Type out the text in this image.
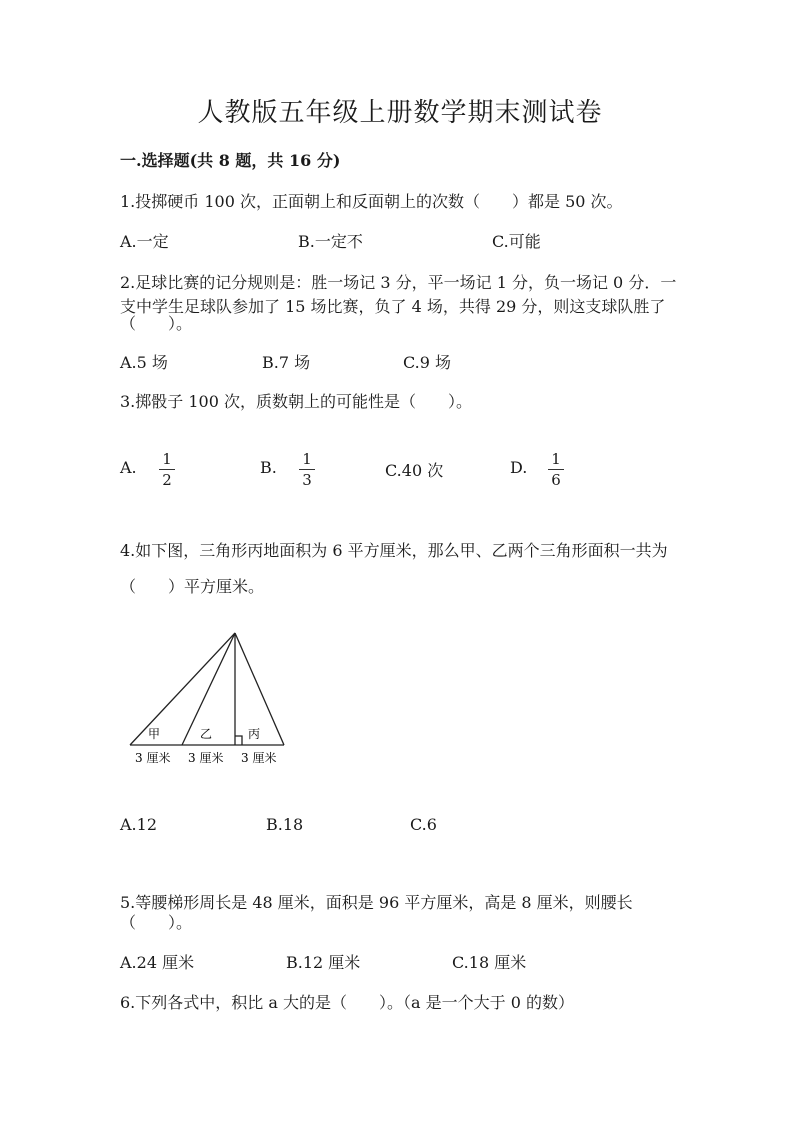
人教版五年级上册数学期末测试卷
一.选择题(共 8 题，共 16 分)
1.投掷硬币 100 次，正面朝上和反面朝上的次数（　　）都是 50 次。
A.一定	B.一定不	C.可能
2.足球比赛的记分规则是：胜一场记 3 分，平一场记 1 分，负一场记 0 分．一
支中学生足球队参加了 15 场比赛，负了 4 场，共得 29 分，则这支球队胜了
（　　）。
A.5 场	B.7 场	C.9 场
3.掷骰子 100 次，质数朝上的可能性是（　　）。
A. 1
2
B. 1
3	C.40 次	D. 1
6
4.如下图，三角形丙地面积为 6 平方厘米，那么甲、乙两个三角形面积一共为
（　　）平方厘米。
甲	乙	丙
3 厘米 3 厘米 3 厘米
A.12	B.18	C.6
5.等腰梯形周长是 48 厘米，面积是 96 平方厘米，高是 8 厘米，则腰长
（　　）。
A.24 厘米	B.12 厘米	C.18 厘米
6.下列各式中，积比 a 大的是（　　）。（a 是一个大于 0 的数）
